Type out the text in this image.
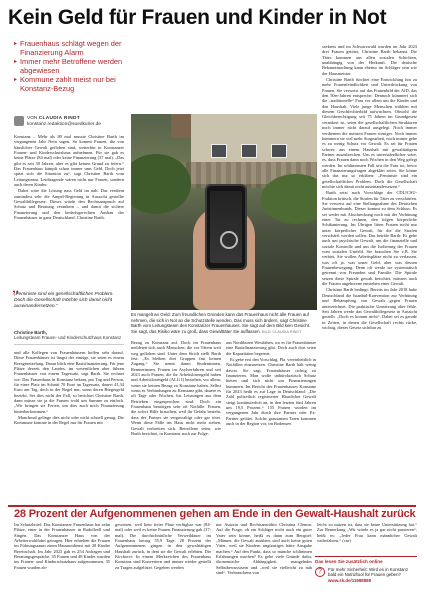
Kein Geld für Frauen und Kinder in Not
▸ Frauenhaus schlägt wegen der Finanzierung Alarm
▸ Immer mehr Betroffene werden abgewiesen
▸ Kommune zahlt meist nur bei Konstanz-Bezug
VON CLAUDIA RINDT
konstanz.redaktion@suedkurier.de

Konstanz – Mehr als 80 mal musste Christine Barth im vergangenen Jahr Nein sagen. So kommt Frauen, die von häuslicher Gewalt geflohen sind, weiterhin in Konstanzer Frauen- und Kinderschutzhaus aufnehmen. Für sie gab es keine Plätze (84 mal) oder keine Finanzierung (37 mal). „Das gibt es seit 30 Jahren, aber es gibt keinen Grund zu feiern.“ Das Frauenhaus kämpft schon immer ums Geld. Doch jetzt spitzt sich die Situation zu“, sagt Christine Barth vom Leitungsteam. Leidtragende wären nicht nur Frauen, sondern auch deren Kinder.

Dabei wäre die Lösung nass Geld im nah. Das verdient zumindest sehr die Ampel-Regierung in Aussicht gestellte Gewalthilfegesetz. Dieses würde den Rechtsanspruch auf Schutz und Beratung verankern – und damit die sichere Finanzierung und den bedarfsgerechten Ausbau der Frauenhäuser in ganz Deutschland. Christine Barth.

„
„Feministe sind ein gesellschaftliches Problem. Doch die Gesellschaft möchte sich damit nicht auseinandersetzen.“
Christine Barth,
Leitungsteam Frauen- und Kinderschutzhaus Konstanz

und alle Kollegen von Frauenhäusern hoffen sehr darauf. Diese Frauenhäuser ist längst der einzige, sie seien es einem Reesgesetzelung. Daran blick eine Basisfinanzierung. Für jene Plätze derzeit den Landes, im wesentlichen aber führen Frauenhäuser von einem Tagessatz, sagt Barth. Sie rechnet vor: Das Frauenhaus in Konstanz bekam, pro Tag und Person, für einer Platz im Schnitt 70 Euro an Tagessatz, dauert 41,34 Euro am Tag, doch in der Regel nur, wenn deren Bürgergeld bezieht. Sei dies nicht der Fall, so berichtet Christine Barth, dann müsse sie ja die Frauen wohl um Summe zu einfach. „Wir bringen sie Ferien, um dies auch noch Finanzierung hinterherkommen.“

Manchmal gelinge dies nicht oder nicht schnell genug. Die Kommune komme in der Regel nur für Frauen mit

Es mangelt an Geld: Zum freundlichen Gründen kann das Frauenhaus nicht alle Frauen auf nehmen, die sich in Not an die Schutzstelle wenden. Das muss sich ändern, sagt Christine Barth vom Leitungsteam des Konstanzer Frauenhauses. Sie sagt auf dem Bild kein Gesicht. Sie sagt, das Risiko wäre zu groß, dass Gewalttäter Sie auffassen. BILD: CLAUDIA RINDT

Bezug zu Konstanz auf. Doch im Frauenhaus meldeten sich auch Menschen, die vor Tätern weit weg geflohen sind. Unter dem Strich stellt Barth fest: „Es bleiben drei Gruppen fast keinen Zugang.“ Sie nennt damit Studentinnen, Rentnerinnen, Frauen im Asylverfahren und seit 2023 auch Frauen, die ihr Arbeitslosengeld haben und Arbeitslosengeld (ALG I) beziehen, vor allem, wenn sie keinen Bezug zu Konstanz haben. Selbst wenn es Verbindungen zu Konstanz gibt, dauere es oft Tage oder Wochen, bis Leistungen aus dem Betrieben eingesprochen sind. Doch ein Frauenhaus benötigen sehr oft Notfälle. Frauen, die sofort Hilfe brauchen, weil ihr Gefahr besteht, dass der Partner sie vergewaltigt oder gar tötet. Wenn diese Fälle ins Haus nicht mehr stehen, Gewalt verbreiten sich. Betroffene seien, wie Barth berichtet, in Konstanz auch zur Folge.

aus Nordthuren Westfahen, wo es für Frauenhäuser eine Basisfinanzierung gibt. Doch auch dort seien die Kapazitäten begrenzt.

Es gebe erst den Vorschlag, Pla. vereinheitlich in Notfällen einzusetzen. Christine Barth hält wenig davon. Sie sagt, Frauenhäuser richtig zu finanzieren. Man wolle unbürokratisch Schutz bieten und sich nicht um Finanzierungen kümmern. Im Bericht des Frauenhauses Konstanz für 2023 heißt es zur Lage in Deutschland: „Die Zahl polizeilich registrierter Häuslicher Gewalt steigt kontinuierlich an, in den letzten fünf Jahren um 19,5 Prozent.“ 155 Frauen wurden im vergangenen Jahr durch ihre Partner oder Ex-Partner getötet. Solche grausamen Taten kommen auch in der Region vor, im Bodensee.

seekreis und im Schwarzwald wurden im Jahr 2023 drei Frauen getötet, Christine Barth bekannt. Die Täter kommen aus allen sozialen Schichten, unabhängig von der Herkunft. Die deutsche Bekanntmachung kann ebenso im Schläger sein wie der Hausmeister.

Christine Barth fürchtet eine Entwicklung hin zu mehr Frauenfeindlichkeit und Unterdrückung von Frauen. Sie verweist auf das Frauenbild der AfD, das den 50er-Jahren entspreche. Dennoch kümmert sich die „traditionelle“ Frau vor allem um die Kinder und den Haushalt. Viele junge Menschen wählten mit diesem Geschlechterbild aufwachsen. Obwohl die Gleichberechtigung seit 75 Jahren im Grundgesetz verankert ist, seien die gesellschaftlichen Strukturen noch immer nicht darauf ausgelegt. Noch immer verdienten die meisten Frauen weniger. Noch immer kümmern sie viel mehr Sorgearbeit, noch immer gebe es zu wenig Schutz vor Gewalt. Es sei für Frauen schwer, aus einem Haushalt mit gewalttätigem Partner auszubrechen. Um es unverständlicher wäre, es, dass Frauen dann noch Wochen in den Weg gelegt werden. Im schlimmsten Fall seit die Frau tot, bevor alle Finanzierungsfragen abgeklärt seien. Sie könne sich das nur so erklären: „Feministe sind ein gesellschaftliches Problem. Doch die Gesellschaft möchte sich damit nicht auseinandersetzen.“

Barth setzt auch Vorschläge der CDU/CSU-Fraktion kritisch, die Strafen für Täter zu verschärfen. Sie verweist auf eine Stellungnahme des Deutschen Juristinnenbunds. Dieser kommt zu dem Schluss: Es sei weder mit Abschreckung noch mit der Verhütung einer Tat zu rechnen, den folgen körperliche Schikanierung. Im Übrigen litten Frauen nicht nur unter körperlicher Gewalt, für die die Strafen verschärft werden sollen. Das beträfe Barth: Es gebe auch um psychische Gewalt, um die finanzielle und soziale Kontrolle und um die Isolierung der Frauen vom sozialen Umfeld. Sie brauchen Sie z.B. Sie verbiet, Sie wollen Arbeitsplätze nicht zu verlassen, was oft ja, was unser Geld, aber was dessen Frauenbewegung. Denn oft werde sie systematisch getrennt von Freunden und Familie. Die Spirale setzen diese Spirale gewalt berichtet, müssen auch die Frauen angeborene entstehen einer Gewalt.

Christine Barth bedingt: Bereits im Jahr 2018 habe Deutschland die Istanbul-Konvention zur Verhütung und Bekämpfung von Gewalt gegen Frauen unterzeichnet. Die praktische Umsetzung aber fehle. Seit Jahren werde das Gewalthilfegesetz in Aussicht gestellt. „Doch es kommt nicht“. Dabei sei es gerade in Zeiten, in denen die Gesellschaft rechts rücke, wichtig, dieses Gesetz sichtbar zu

28 Prozent der Aufgenommenen gehen am Ende in den Gewalt-Haushalt zurück

Im Schutzhotel: Das Konstanzer Frauenhaus hat zehn Plätze, einer in der Frauenhäuser in Radolfzell und Singen. Das Konstanzer Haus von der Arbeiterwohlfahrt getragen. Hier erhielten die Frauen im Führungsraum einen Hausnotdienst mit 28 Kinder Bereitschaft. Im Jahr 2023 gab es 254 Anfragen und Beratungsgespräche. 35 Frauen und 48 Kinder wurden ins Frauen- und Kinderschutzhaus aufgenommen, 35 Frauen wurden ab-

gewiesen, weil kein freier Platz verfügbar war (84-mal) oder weil es keine Frauen Finanzierung gab (37-mal). Die durchschnittliche Verweildauer im Frauenhaus betrug 55,9 Tage. 28 Prozent der Aufgenommenen gingen in den gewalttätigen Haushalt zurück, in dem sie die Gewalt erlebten. Die Kirchorei: In einem Merkzeichen des Frauenhaus Konstanz sind Konvertern und immer wieder gestellt zu Tragen aufgelistet. Gegeben werden

nur Autorin und Rechtsanwältin Christina Clemm. Auf die Frage, ob ein Schläger nicht auch ein guter Vater sein könne, heißt es dann zum Beispiel: „Männer, die Gewalt ausüben, sind auch keine guten Väter, weil sie Kindern ungünstiges hätte Ausgabe machen.“ Auf den Punkt, dass so manche schlimmen Erfahrungen machen? Es gebe viele Gründe dafür, ökonomische Abhängigkeit, mangelndes Selbstbewusstsein und „weil sie vielleicht zu nah sind“. Verbrauchens von

leicht zu nutzen ist, dass sie keine Unterstützung hat.“ Zur Bemerkung „Wir würde es ja gar nicht passieren“, heißt es: „Jeder Frau kann männlicher Gewalt widerfahren.“ (cnr)

Das lesen Sie zusätzlich online
?	Für mehr Sicherheit: Wird es in Konstanz bald ein Notruftool für Frauen geben?
www.sk.de/11988888
